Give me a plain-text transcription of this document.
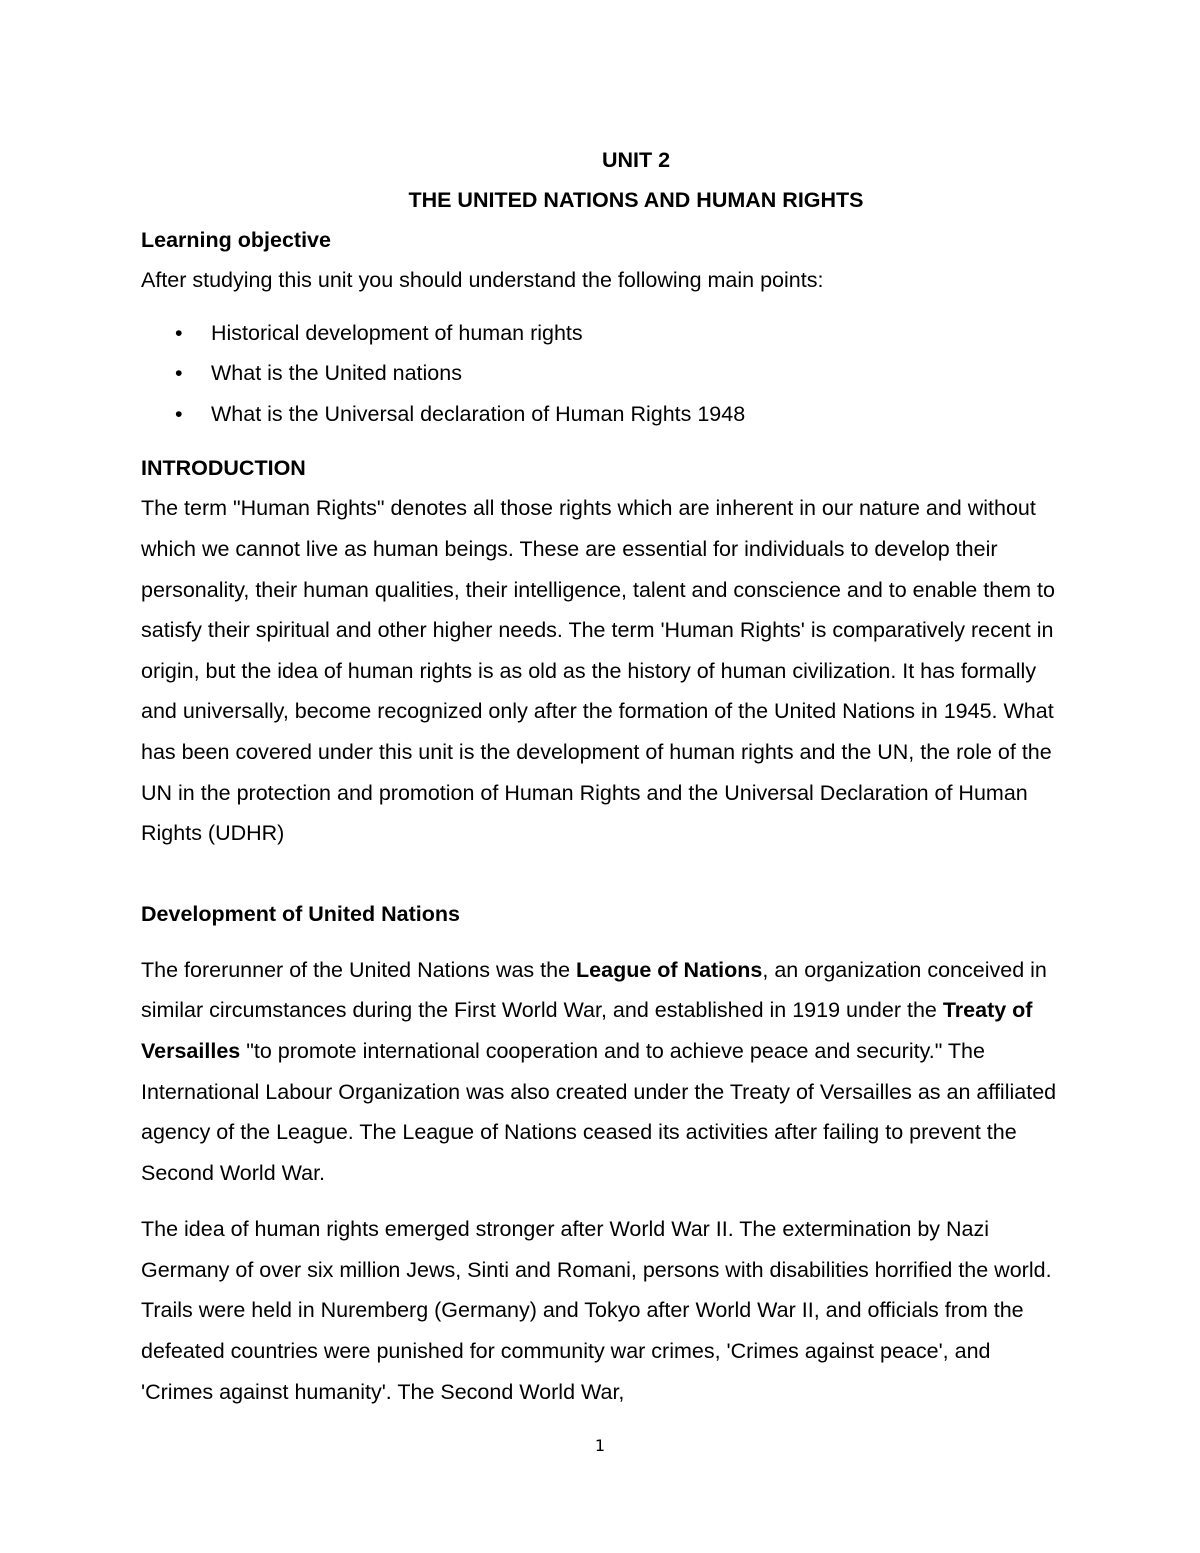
UNIT 2

THE UNITED NATIONS AND HUMAN RIGHTS

Learning objective

After studying this unit you should understand the following main points:

• Historical development of human rights
• What is the United nations
• What is the Universal declaration of Human Rights 1948

INTRODUCTION

The term "Human Rights" denotes all those rights which are inherent in our nature and without which we cannot live as human beings. These are essential for individuals to develop their personality, their human qualities, their intelligence, talent and conscience and to enable them to satisfy their spiritual and other higher needs. The term 'Human Rights' is comparatively recent in origin, but the idea of human rights is as old as the history of human civilization. It has formally and universally, become recognized only after the formation of the United Nations in 1945. What has been covered under this unit is the development of human rights and the UN, the role of the UN in the protection and promotion of Human Rights and the Universal Declaration of Human Rights (UDHR)

Development of United Nations

The forerunner of the United Nations was the League of Nations, an organization conceived in similar circumstances during the First World War, and established in 1919 under the Treaty of Versailles "to promote international cooperation and to achieve peace and security." The International Labour Organization was also created under the Treaty of Versailles as an affiliated agency of the League. The League of Nations ceased its activities after failing to prevent the Second World War.

The idea of human rights emerged stronger after World War II. The extermination by Nazi Germany of over six million Jews, Sinti and Romani, persons with disabilities horrified the world. Trails were held in Nuremberg (Germany) and Tokyo after World War II, and officials from the defeated countries were punished for community war crimes, 'Crimes against peace', and 'Crimes against humanity'. The Second World War,

1
